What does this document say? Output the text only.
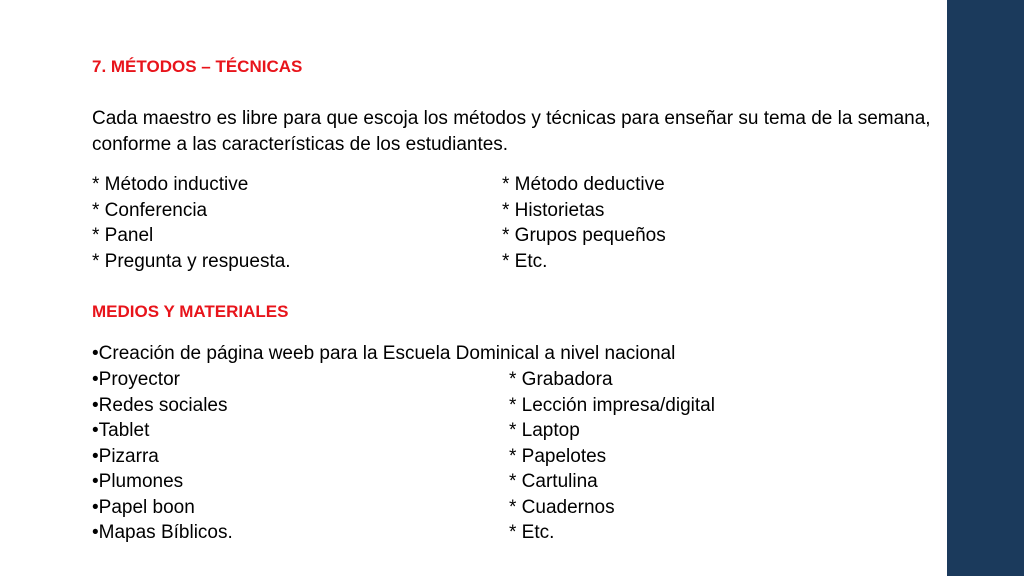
7. MÉTODOS – TÉCNICAS
Cada maestro es libre para que escoja los métodos y técnicas para enseñar su tema de la semana, conforme a las características de los estudiantes.
* Método inductive	* Método deductive
* Conferencia	* Historietas
* Panel	* Grupos pequeños
* Pregunta y respuesta.	* Etc.
MEDIOS Y MATERIALES
•Creación de página weeb para la Escuela Dominical a nivel nacional
•Proyector	* Grabadora
•Redes sociales	* Lección impresa/digital
•Tablet	* Laptop
•Pizarra	* Papelotes
•Plumones	* Cartulina
•Papel boon	* Cuadernos
•Mapas Bíblicos.	* Etc.
